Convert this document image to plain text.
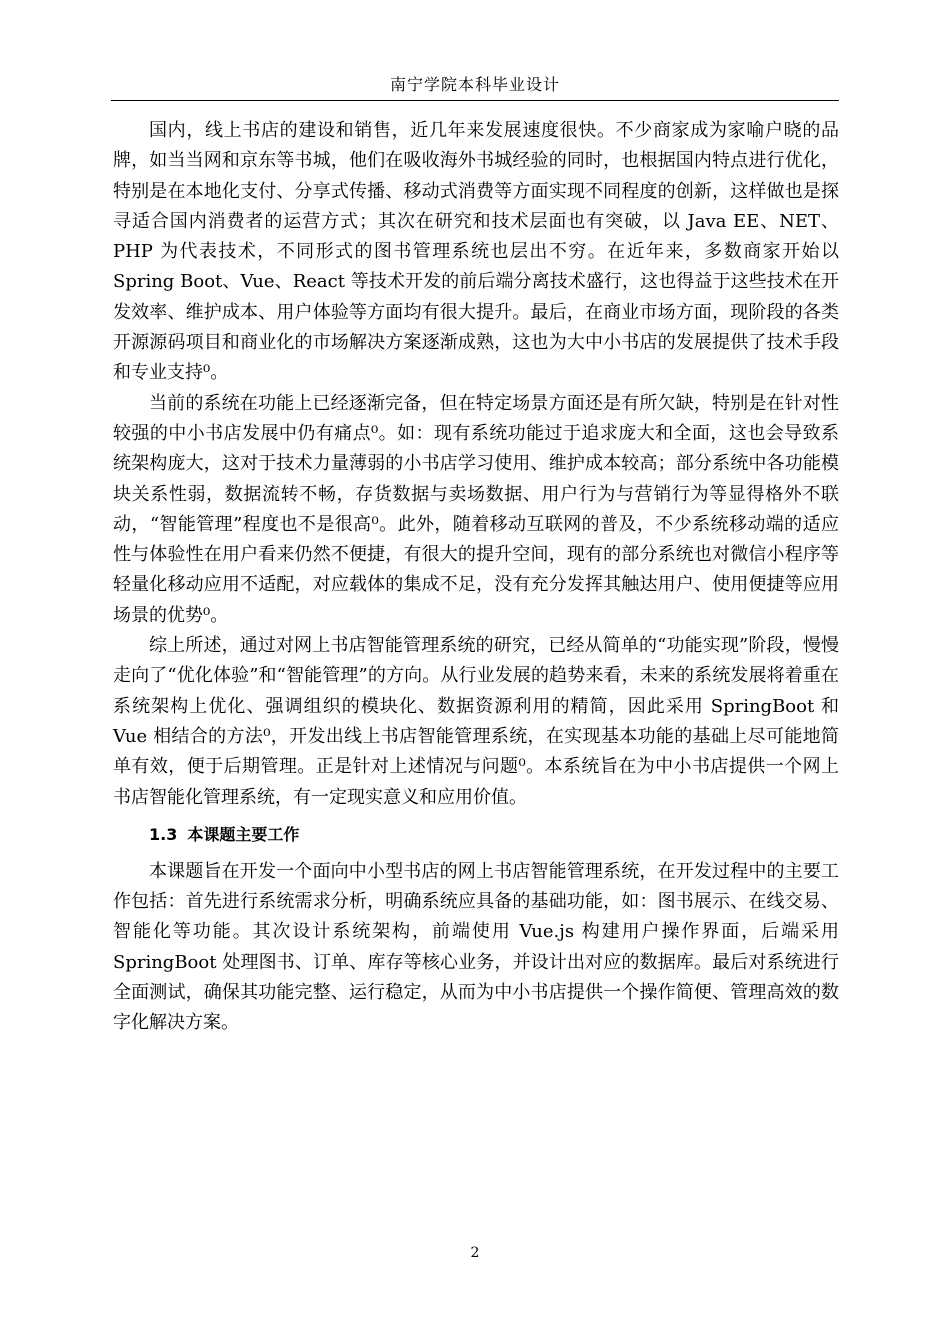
南宁学院本科毕业设计

国内，线上书店的建设和销售，近几年来发展速度很快。不少商家成为家喻户晓的品牌，如当当网和京东等书城，他们在吸收海外书城经验的同时，也根据国内特点进行优化，特别是在本地化支付、分享式传播、移动式消费等方面实现不同程度的创新，这样做也是探寻适合国内消费者的运营方式；其次在研究和技术层面也有突破，以 Java EE、NET、PHP 为代表技术，不同形式的图书管理系统也层出不穷。在近年来，多数商家开始以 Spring Boot、Vue、React 等技术开发的前后端分离技术盛行，这也得益于这些技术在开发效率、维护成本、用户体验等方面均有很大提升。最后，在商业市场方面，现阶段的各类开源源码项目和商业化的市场解决方案逐渐成熟，这也为大中小书店的发展提供了技术手段和专业支持⁰。

当前的系统在功能上已经逐渐完备，但在特定场景方面还是有所欠缺，特别是在针对性较强的中小书店发展中仍有痛点⁰。如：现有系统功能过于追求庞大和全面，这也会导致系统架构庞大，这对于技术力量薄弱的小书店学习使用、维护成本较高；部分系统中各功能模块关系性弱，数据流转不畅，存货数据与卖场数据、用户行为与营销行为等显得格外不联动，“智能管理”程度也不是很高⁰。此外，随着移动互联网的普及，不少系统移动端的适应性与体验性在用户看来仍然不便捷，有很大的提升空间，现有的部分系统也对微信小程序等轻量化移动应用不适配，对应载体的集成不足，没有充分发挥其触达用户、使用便捷等应用场景的优势⁰。

综上所述，通过对网上书店智能管理系统的研究，已经从简单的“功能实现”阶段，慢慢走向了“优化体验”和“智能管理”的方向。从行业发展的趋势来看，未来的系统发展将着重在系统架构上优化、强调组织的模块化、数据资源利用的精简，因此采用 SpringBoot 和 Vue 相结合的方法⁰，开发出线上书店智能管理系统，在实现基本功能的基础上尽可能地简单有效，便于后期管理。正是针对上述情况与问题⁰。本系统旨在为中小书店提供一个网上书店智能化管理系统，有一定现实意义和应用价值。

1.3 本课题主要工作

本课题旨在开发一个面向中小型书店的网上书店智能管理系统，在开发过程中的主要工作包括：首先进行系统需求分析，明确系统应具备的基础功能，如：图书展示、在线交易、智能化等功能。其次设计系统架构，前端使用 Vue.js 构建用户操作界面，后端采用 SpringBoot 处理图书、订单、库存等核心业务，并设计出对应的数据库。最后对系统进行全面测试，确保其功能完整、运行稳定，从而为中小书店提供一个操作简便、管理高效的数字化解决方案。

2
